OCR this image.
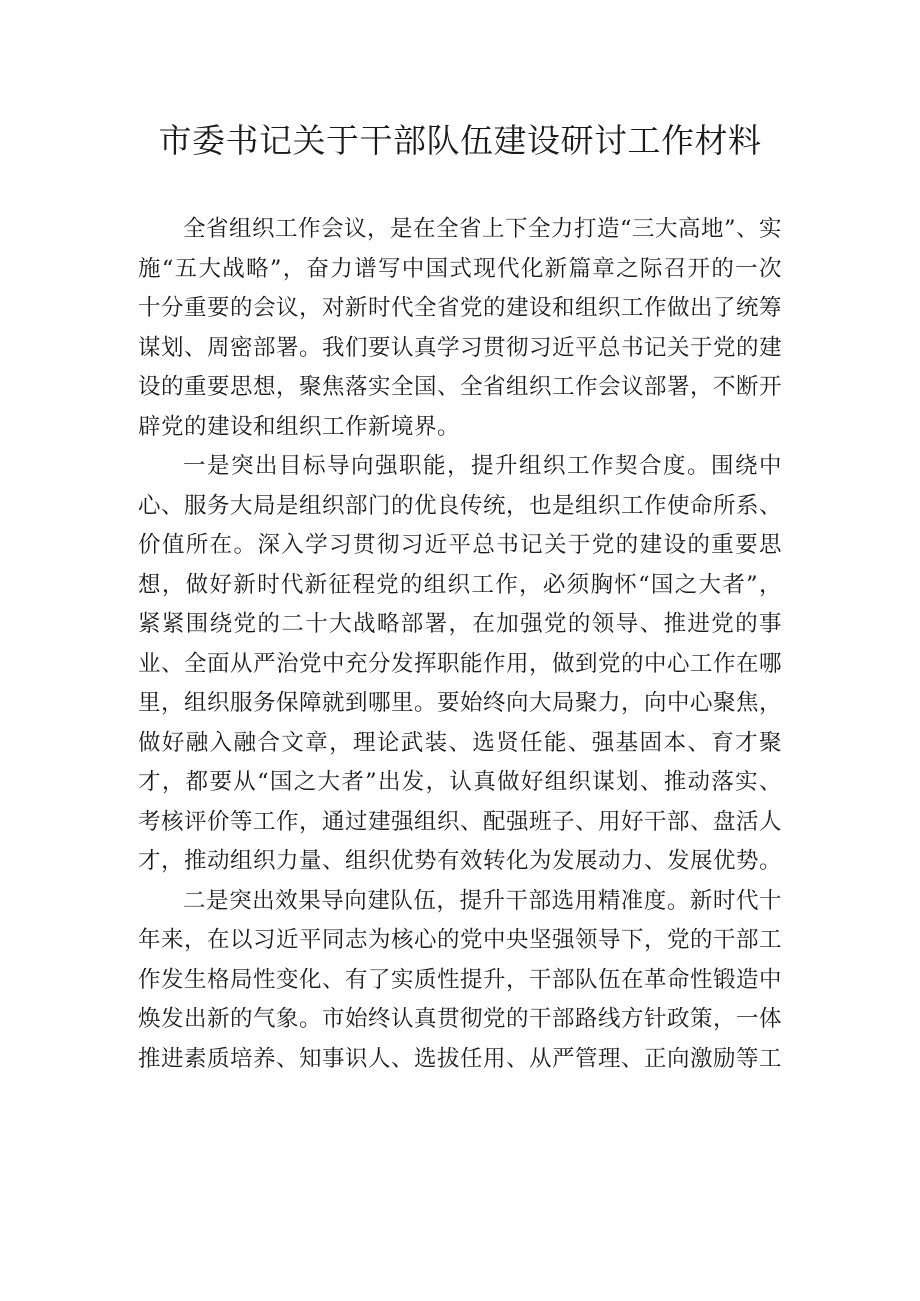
市委书记关于干部队伍建设研讨工作材料

全省组织工作会议，是在全省上下全力打造“三大高地”、实施“五大战略”，奋力谱写中国式现代化新篇章之际召开的一次十分重要的会议，对新时代全省党的建设和组织工作做出了统筹谋划、周密部署。我们要认真学习贯彻习近平总书记关于党的建设的重要思想，聚焦落实全国、全省组织工作会议部署，不断开辟党的建设和组织工作新境界。

一是突出目标导向强职能，提升组织工作契合度。围绕中心、服务大局是组织部门的优良传统，也是组织工作使命所系、价值所在。深入学习贯彻习近平总书记关于党的建设的重要思想，做好新时代新征程党的组织工作，必须胸怀“国之大者”，紧紧围绕党的二十大战略部署，在加强党的领导、推进党的事业、全面从严治党中充分发挥职能作用，做到党的中心工作在哪里，组织服务保障就到哪里。要始终向大局聚力，向中心聚焦，做好融入融合文章，理论武装、选贤任能、强基固本、育才聚才，都要从“国之大者”出发，认真做好组织谋划、推动落实、考核评价等工作，通过建强组织、配强班子、用好干部、盘活人才，推动组织力量、组织优势有效转化为发展动力、发展优势。

二是突出效果导向建队伍，提升干部选用精准度。新时代十年来，在以习近平同志为核心的党中央坚强领导下，党的干部工作发生格局性变化、有了实质性提升，干部队伍在革命性锻造中焕发出新的气象。市始终认真贯彻党的干部路线方针政策，一体推进素质培养、知事识人、选拔任用、从严管理、正向激励等工
